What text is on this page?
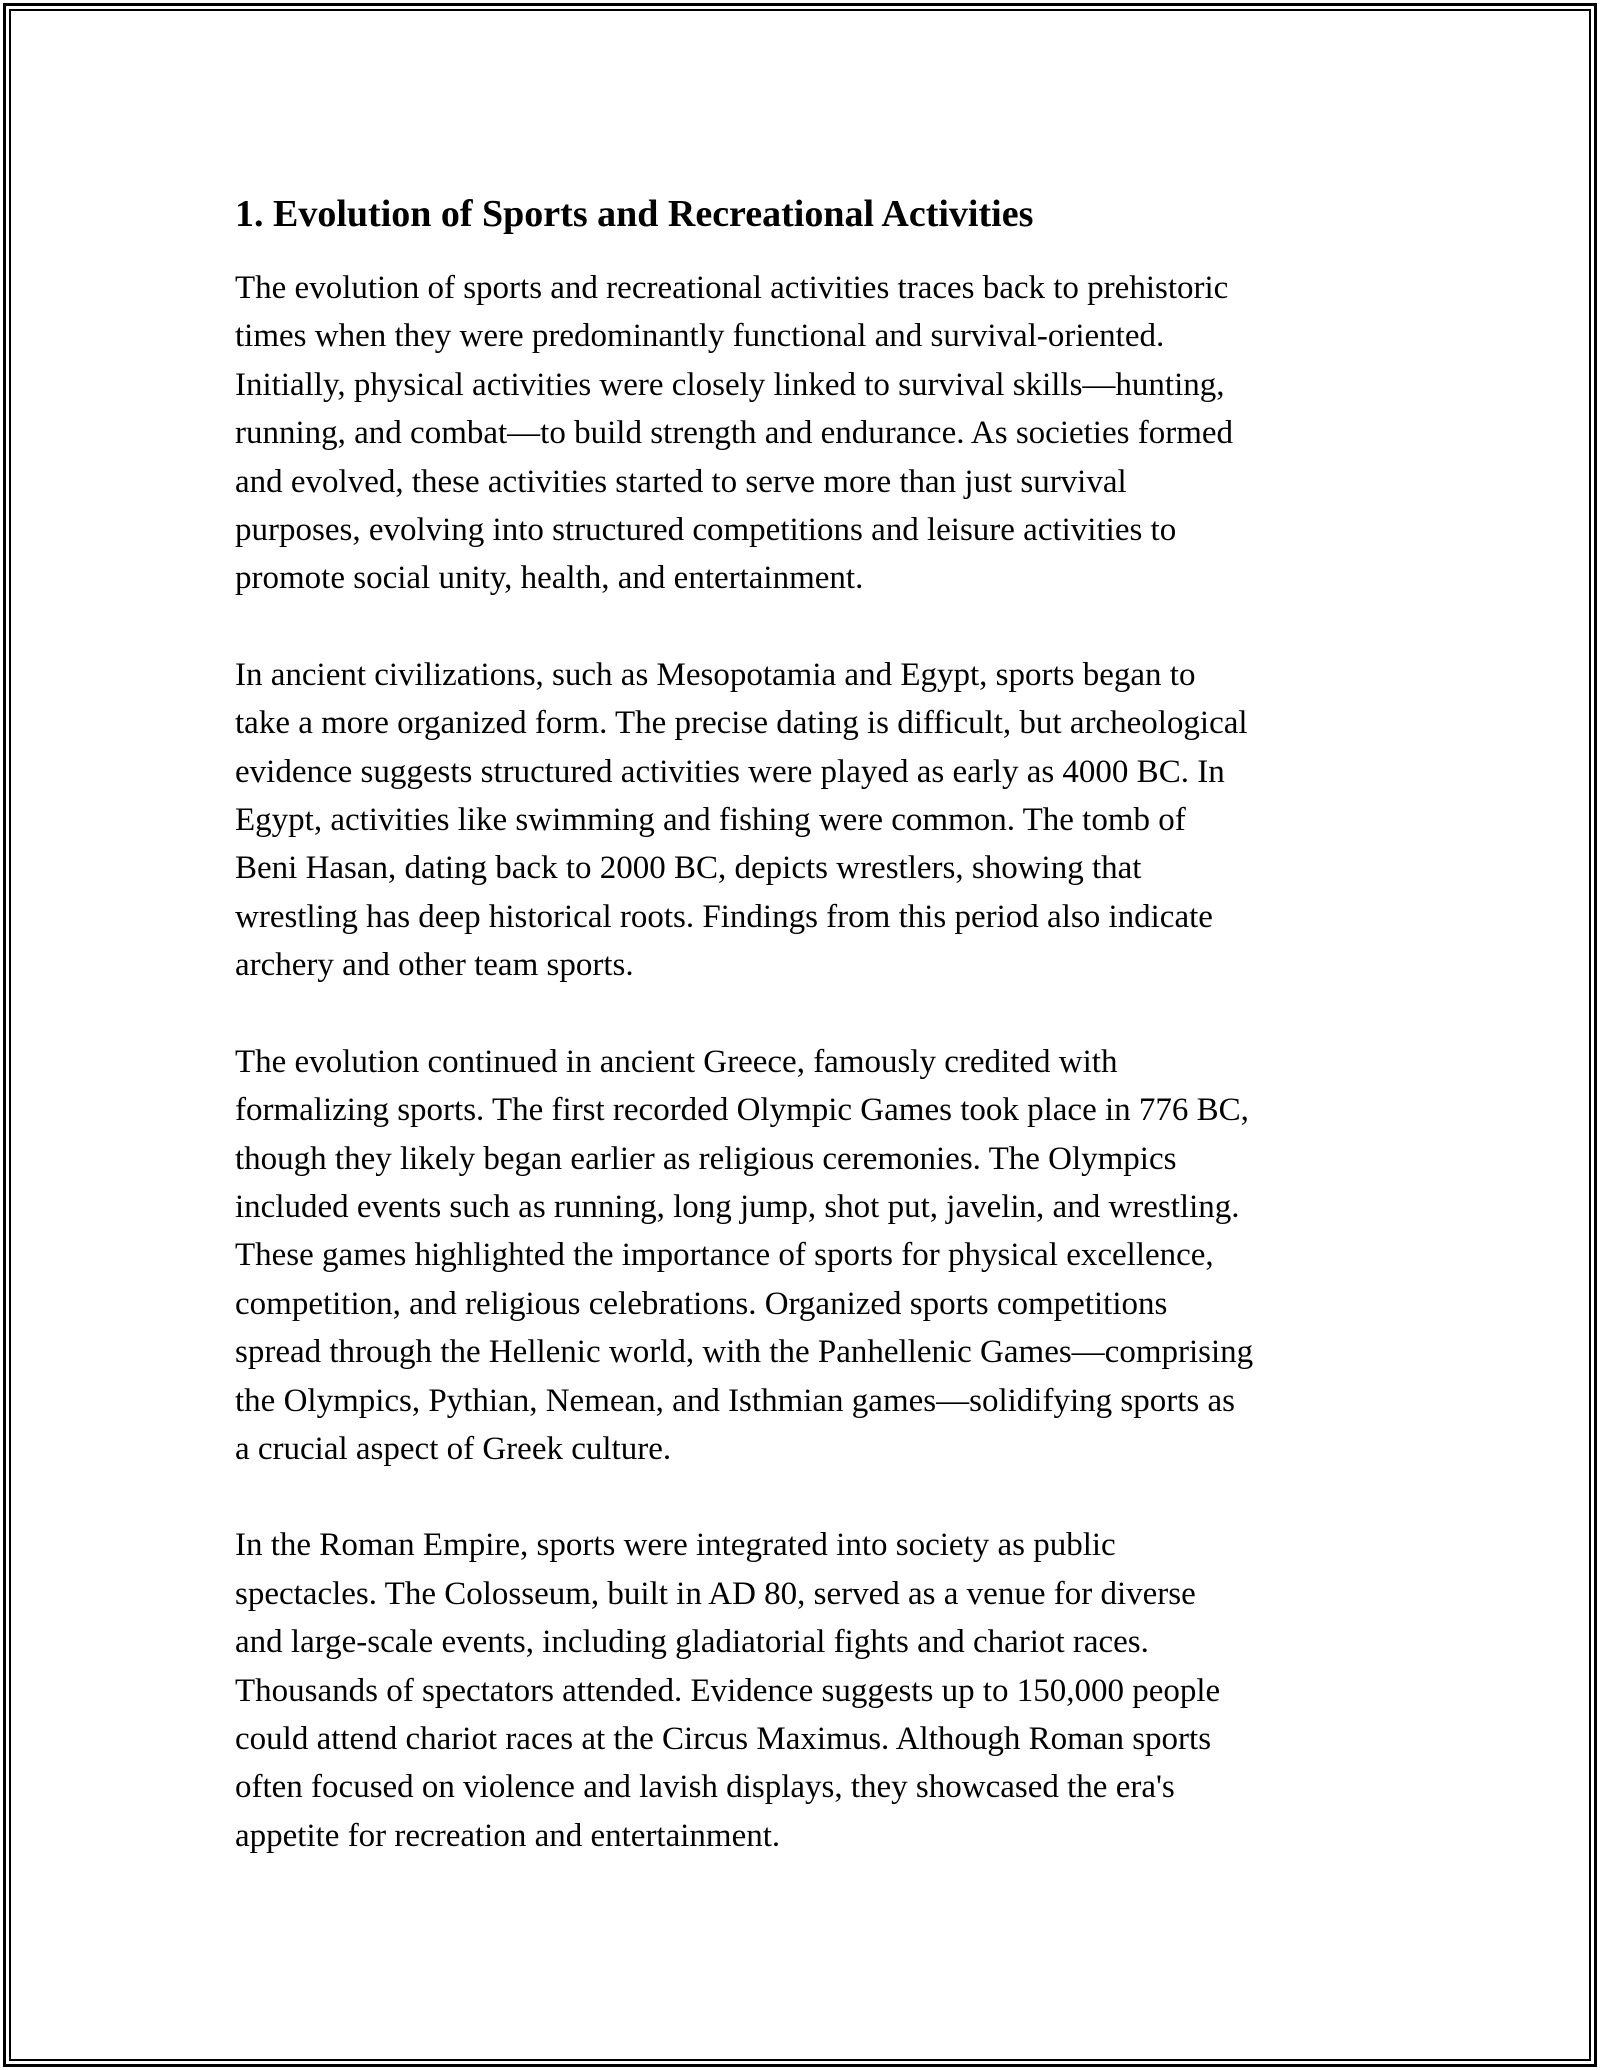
1. Evolution of Sports and Recreational Activities

The evolution of sports and recreational activities traces back to prehistoric
times when they were predominantly functional and survival-oriented.
Initially, physical activities were closely linked to survival skills—hunting,
running, and combat—to build strength and endurance. As societies formed
and evolved, these activities started to serve more than just survival
purposes, evolving into structured competitions and leisure activities to
promote social unity, health, and entertainment.

In ancient civilizations, such as Mesopotamia and Egypt, sports began to
take a more organized form. The precise dating is difficult, but archeological
evidence suggests structured activities were played as early as 4000 BC. In
Egypt, activities like swimming and fishing were common. The tomb of
Beni Hasan, dating back to 2000 BC, depicts wrestlers, showing that
wrestling has deep historical roots. Findings from this period also indicate
archery and other team sports.

The evolution continued in ancient Greece, famously credited with
formalizing sports. The first recorded Olympic Games took place in 776 BC,
though they likely began earlier as religious ceremonies. The Olympics
included events such as running, long jump, shot put, javelin, and wrestling.
These games highlighted the importance of sports for physical excellence,
competition, and religious celebrations. Organized sports competitions
spread through the Hellenic world, with the Panhellenic Games—comprising
the Olympics, Pythian, Nemean, and Isthmian games—solidifying sports as
a crucial aspect of Greek culture.

In the Roman Empire, sports were integrated into society as public
spectacles. The Colosseum, built in AD 80, served as a venue for diverse
and large-scale events, including gladiatorial fights and chariot races.
Thousands of spectators attended. Evidence suggests up to 150,000 people
could attend chariot races at the Circus Maximus. Although Roman sports
often focused on violence and lavish displays, they showcased the era's
appetite for recreation and entertainment.
